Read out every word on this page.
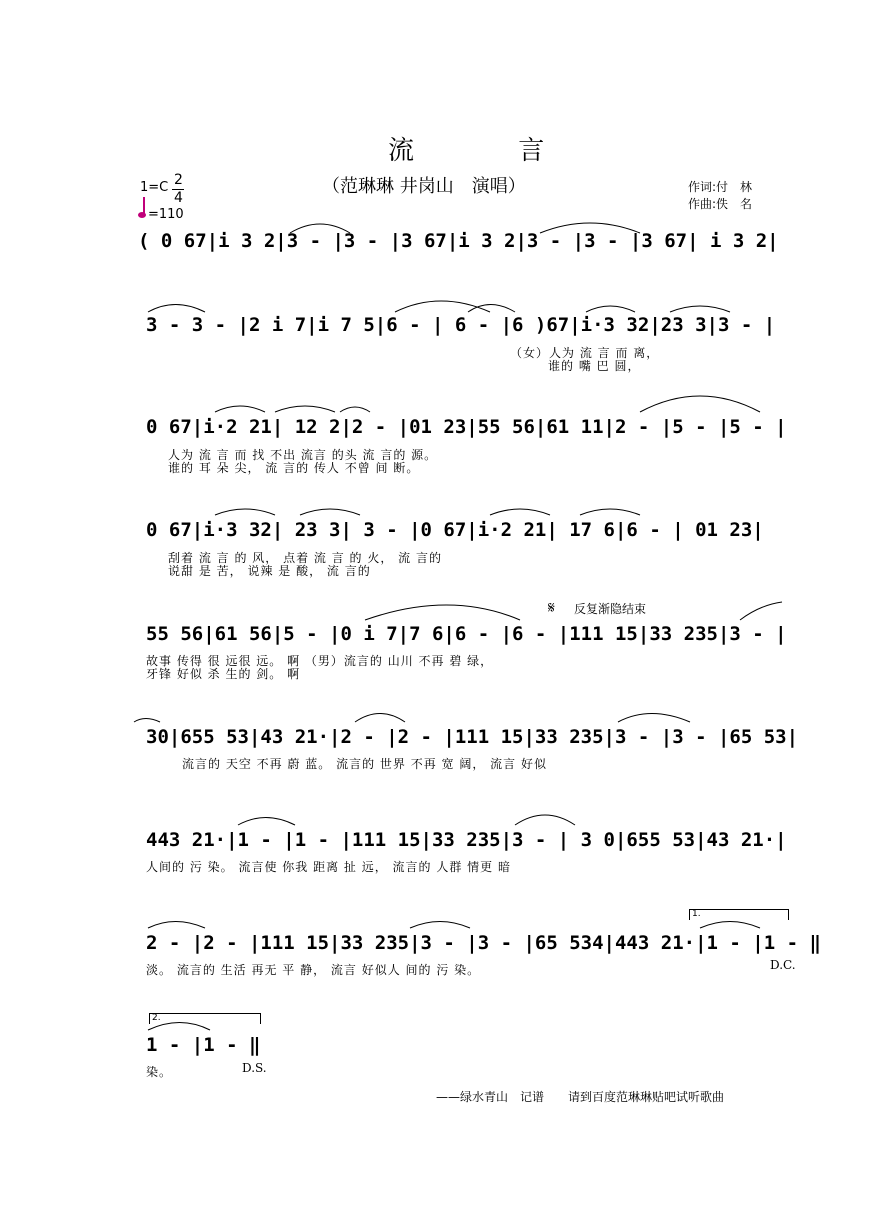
流 言
（范琳琳 井岗山　演唱）	作词:付　林
作曲:佚　名
1=C 2
4
=110
( 0 67|i 3 2|3 - |3 - |3 67|i 3 2|3 - |3 - |3 67| i 3 2|
3 - 3 - |2 i 7|i 7 5|6 - | 6 - |6 )67|i·3 32|23 3|3 - |
（女）人为 流 言 而 离，
谁的 嘴 巴 圆，
0 67|i·2 21| 12 2|2 - |01 23|55 56|61 11|2 - |5 - |5 - |
人为 流 言 而 找 不出 流言 的头 流 言的 源。
谁的 耳 朵 尖， 流 言的 传人 不曾 间 断。
0 67|i·3 32| 23 3| 3 - |0 67|i·2 21| 17 6|6 - | 01 23|
刮着 流 言 的 风， 点着 流 言 的 火， 流 言的
说甜 是 苦， 说辣 是 酸， 流 言的
𝄋 反复渐隐结束
55 56|61 56|5 - |0 i 7|7 6|6 - |6 - |111 15|33 235|3 - |
故事 传得 很 远很 远。 啊 （男）流言的 山川 不再 碧 绿，
牙锋 好似 杀 生的 剑。 啊
30|655 53|43 21·|2 - |2 - |111 15|33 235|3 - |3 - |65 53|
流言的 天空 不再 蔚 蓝。 流言的 世界 不再 宽 阔， 流言 好似
443 21·|1 - |1 - |111 15|33 235|3 - | 3 0|655 53|43 21·|
人间的 污 染。 流言使 你我 距离 扯 远， 流言的 人群 情更 暗
1.
2 - |2 - |111 15|33 235|3 - |3 - |65 534|443 21·|1 - |1 - ‖
淡。 流言的 生活 再无 平 静， 流言 好似人 间的 污 染。	D.C.
2.
1 - |1 - ‖
染。	D.S.
——绿水青山　记谱　　请到百度范琳琳贴吧试听歌曲
